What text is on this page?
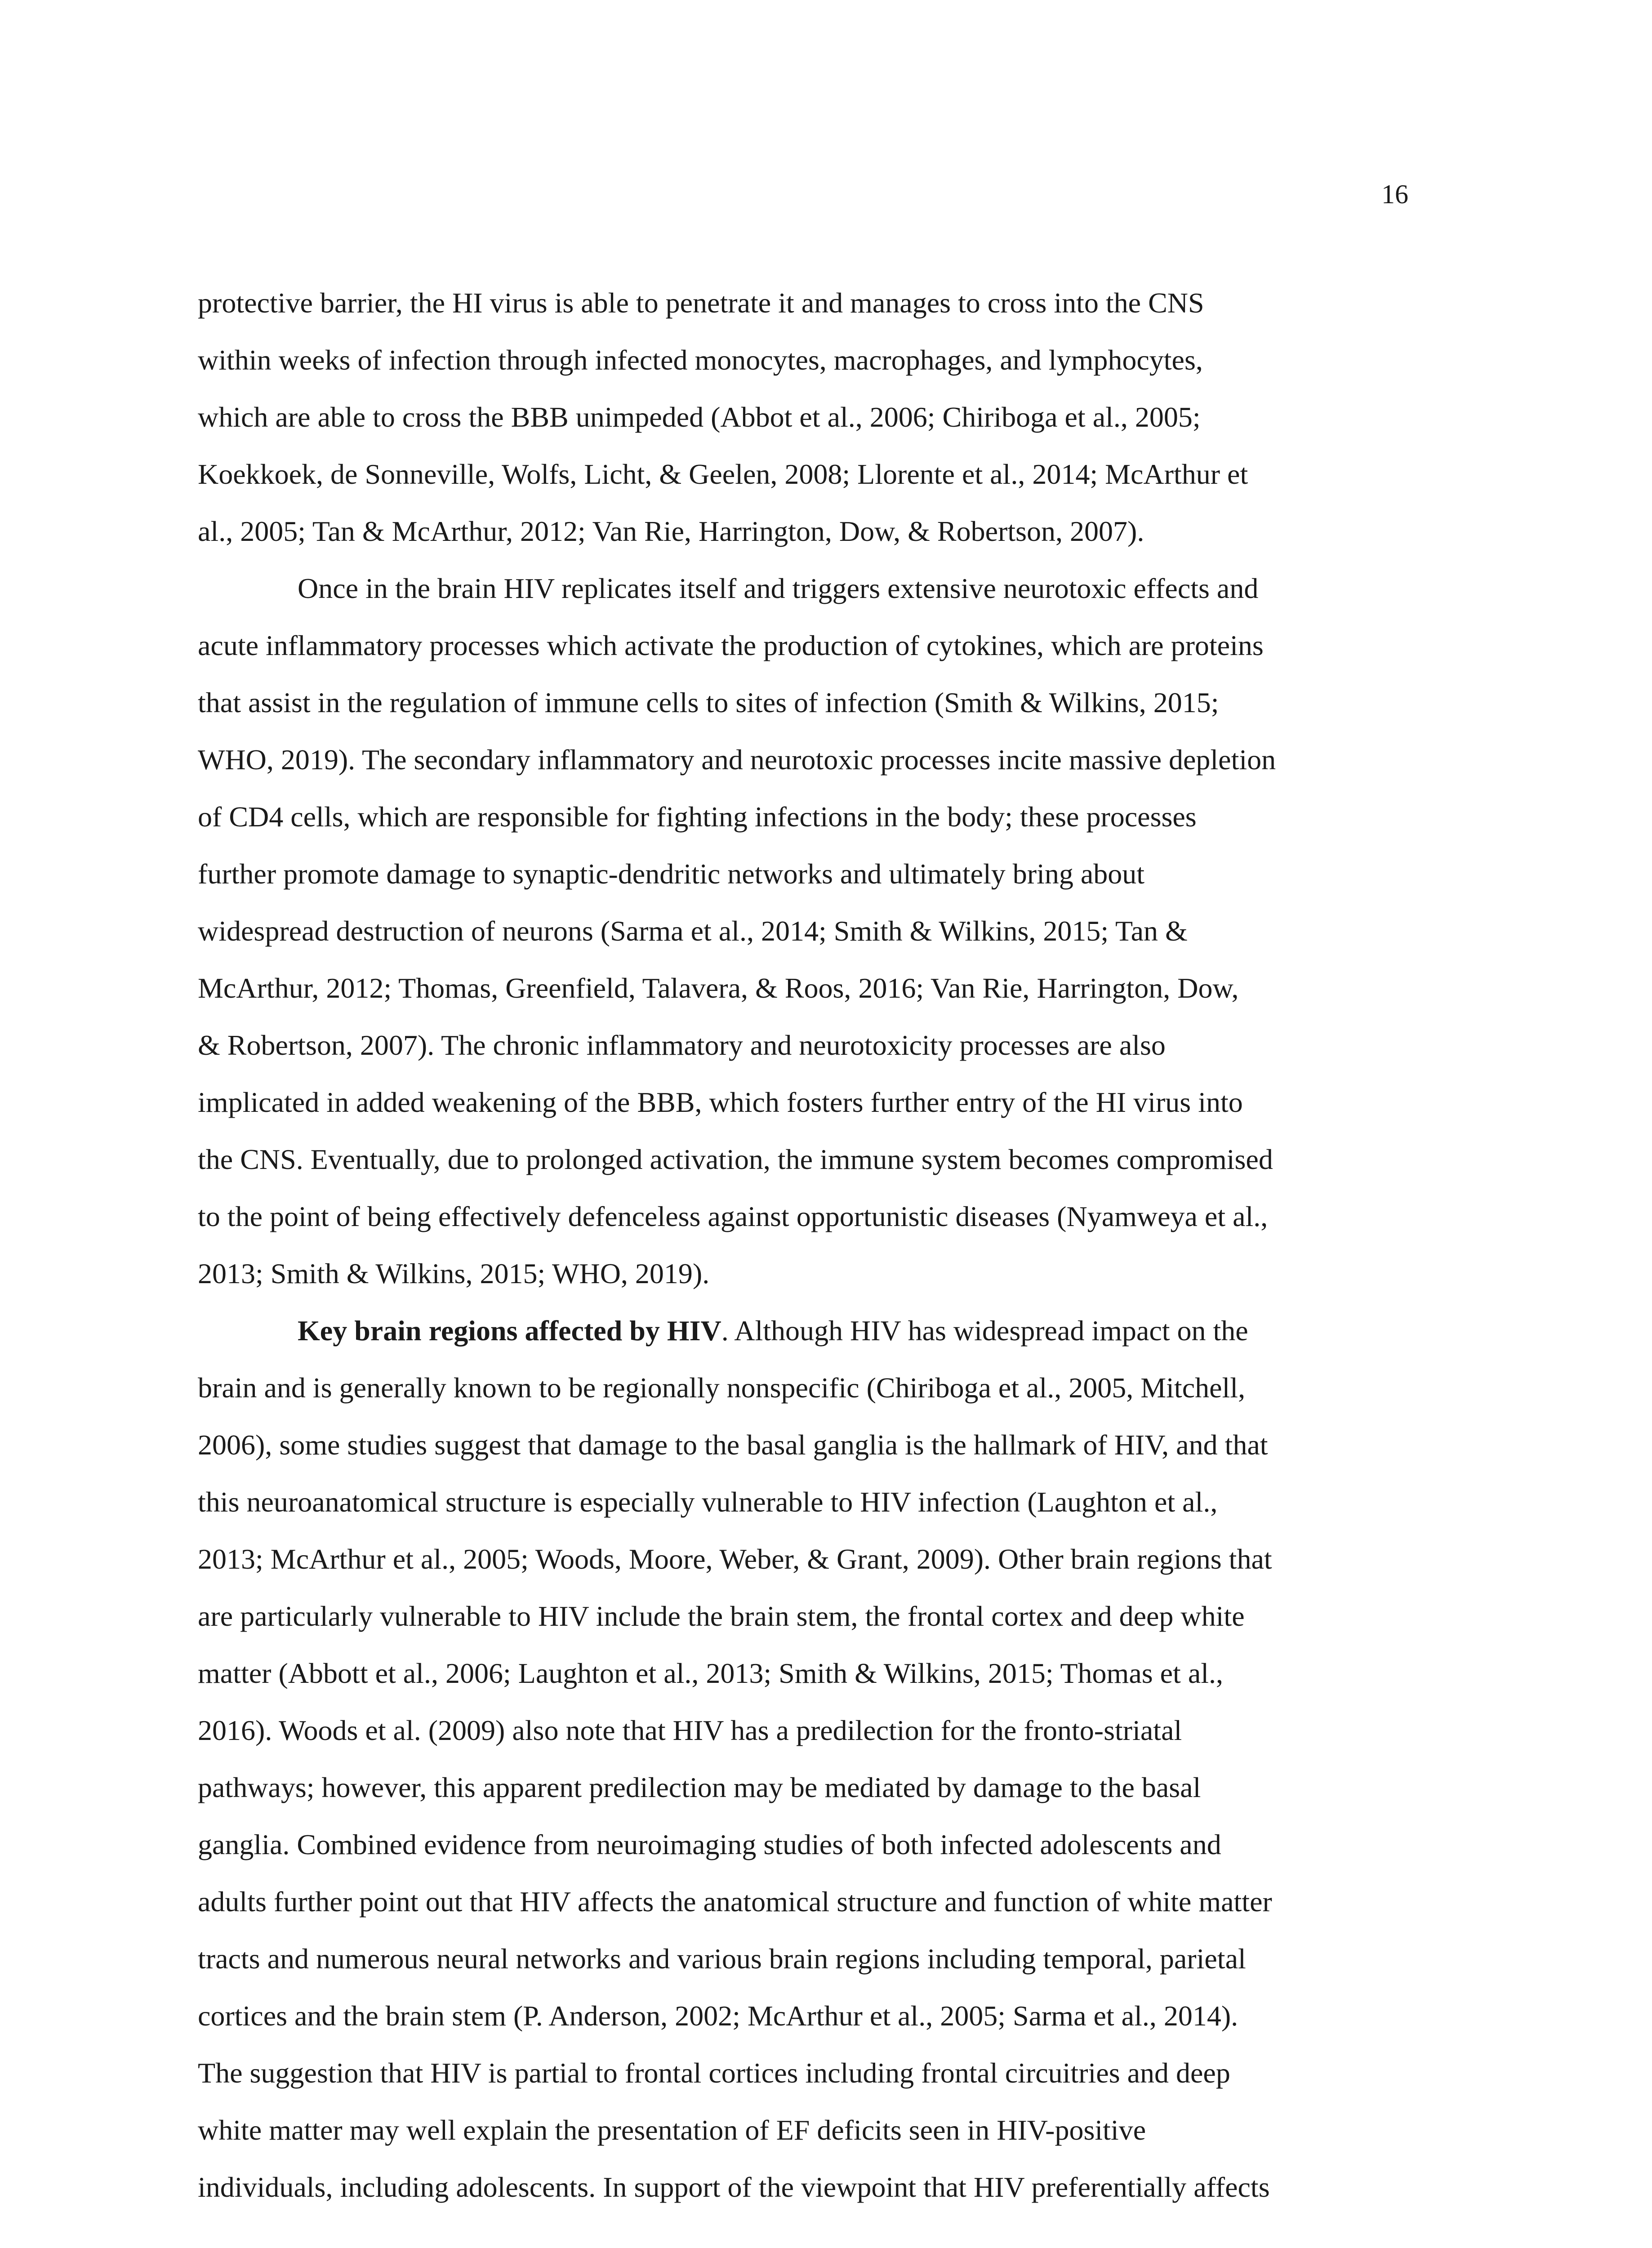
16

protective barrier, the HI virus is able to penetrate it and manages to cross into the CNS
within weeks of infection through infected monocytes, macrophages, and lymphocytes,
which are able to cross the BBB unimpeded (Abbot et al., 2006; Chiriboga et al., 2005;
Koekkoek, de Sonneville, Wolfs, Licht, & Geelen, 2008; Llorente et al., 2014; McArthur et
al., 2005; Tan & McArthur, 2012; Van Rie, Harrington, Dow, & Robertson, 2007).

Once in the brain HIV replicates itself and triggers extensive neurotoxic effects and
acute inflammatory processes which activate the production of cytokines, which are proteins
that assist in the regulation of immune cells to sites of infection (Smith & Wilkins, 2015;
WHO, 2019). The secondary inflammatory and neurotoxic processes incite massive depletion
of CD4 cells, which are responsible for fighting infections in the body; these processes
further promote damage to synaptic-dendritic networks and ultimately bring about
widespread destruction of neurons (Sarma et al., 2014; Smith & Wilkins, 2015; Tan &
McArthur, 2012; Thomas, Greenfield, Talavera, & Roos, 2016; Van Rie, Harrington, Dow,
& Robertson, 2007). The chronic inflammatory and neurotoxicity processes are also
implicated in added weakening of the BBB, which fosters further entry of the HI virus into
the CNS. Eventually, due to prolonged activation, the immune system becomes compromised
to the point of being effectively defenceless against opportunistic diseases (Nyamweya et al.,
2013; Smith & Wilkins, 2015; WHO, 2019).

Key brain regions affected by HIV. Although HIV has widespread impact on the
brain and is generally known to be regionally nonspecific (Chiriboga et al., 2005, Mitchell,
2006), some studies suggest that damage to the basal ganglia is the hallmark of HIV, and that
this neuroanatomical structure is especially vulnerable to HIV infection (Laughton et al.,
2013; McArthur et al., 2005; Woods, Moore, Weber, & Grant, 2009). Other brain regions that
are particularly vulnerable to HIV include the brain stem, the frontal cortex and deep white
matter (Abbott et al., 2006; Laughton et al., 2013; Smith & Wilkins, 2015; Thomas et al.,
2016). Woods et al. (2009) also note that HIV has a predilection for the fronto-striatal
pathways; however, this apparent predilection may be mediated by damage to the basal
ganglia. Combined evidence from neuroimaging studies of both infected adolescents and
adults further point out that HIV affects the anatomical structure and function of white matter
tracts and numerous neural networks and various brain regions including temporal, parietal
cortices and the brain stem (P. Anderson, 2002; McArthur et al., 2005; Sarma et al., 2014).
The suggestion that HIV is partial to frontal cortices including frontal circuitries and deep
white matter may well explain the presentation of EF deficits seen in HIV-positive
individuals, including adolescents. In support of the viewpoint that HIV preferentially affects
